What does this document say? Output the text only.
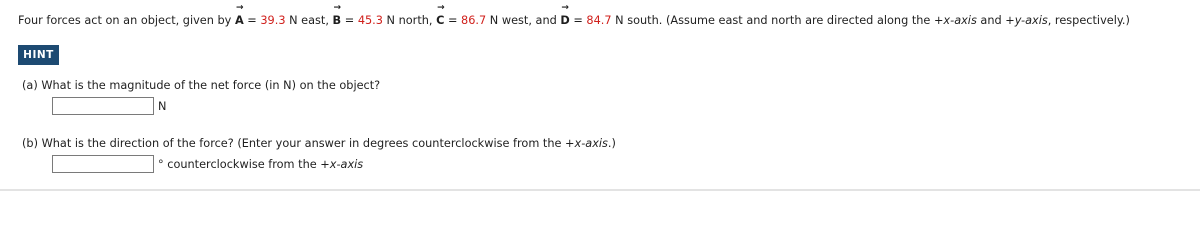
Four forces act on an object, given by
→
A = 39.3 N east,
→
B = 45.3 N north,
→
C = 86.7 N west, and
→
D = 84.7 N south. (Assume east and north are directed along the +x-axis and +y-axis, respectively.)
HINT
(a) What is the magnitude of the net force (in N) on the object?
N
(b) What is the direction of the force? (Enter your answer in degrees counterclockwise from the +x-axis.)
° counterclockwise from the +x-axis
